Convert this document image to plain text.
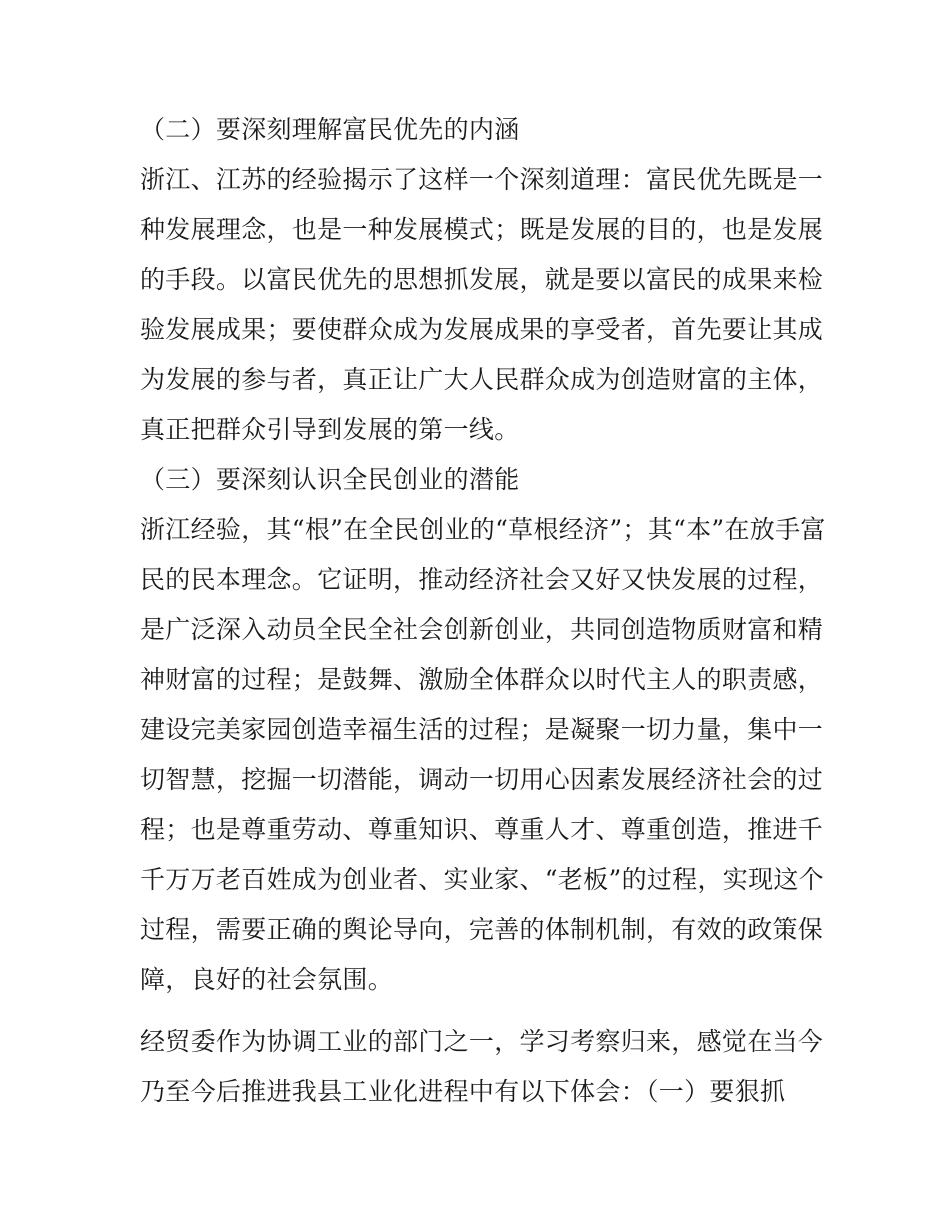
（二）要深刻理解富民优先的内涵
浙江、江苏的经验揭示了这样一个深刻道理：富民优先既是一
种发展理念，也是一种发展模式；既是发展的目的，也是发展
的手段。以富民优先的思想抓发展，就是要以富民的成果来检
验发展成果；要使群众成为发展成果的享受者，首先要让其成
为发展的参与者，真正让广大人民群众成为创造财富的主体，
真正把群众引导到发展的第一线。
（三）要深刻认识全民创业的潜能
浙江经验，其“根”在全民创业的“草根经济”；其“本”在放手富
民的民本理念。它证明，推动经济社会又好又快发展的过程，
是广泛深入动员全民全社会创新创业，共同创造物质财富和精
神财富的过程；是鼓舞、激励全体群众以时代主人的职责感，
建设完美家园创造幸福生活的过程；是凝聚一切力量，集中一
切智慧，挖掘一切潜能，调动一切用心因素发展经济社会的过
程；也是尊重劳动、尊重知识、尊重人才、尊重创造，推进千
千万万老百姓成为创业者、实业家、“老板”的过程，实现这个
过程，需要正确的舆论导向，完善的体制机制，有效的政策保
障，良好的社会氛围。
经贸委作为协调工业的部门之一，学习考察归来，感觉在当今
乃至今后推进我县工业化进程中有以下体会：（一）要狠抓
